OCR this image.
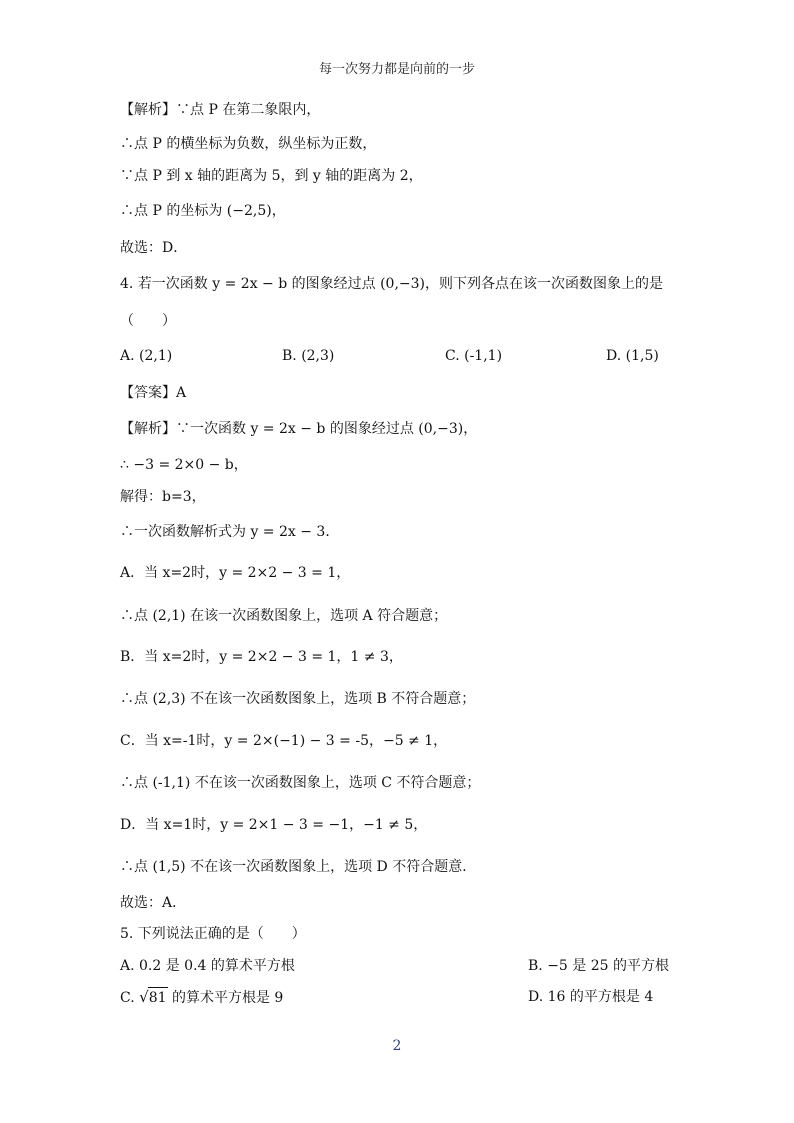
每一次努力都是向前的一步
【解析】∵点 P 在第二象限内，
∴点 P 的横坐标为负数，纵坐标为正数，
∵点 P 到 x 轴的距离为 5，到 y 轴的距离为 2，
∴点 P 的坐标为 (−2,5)，
故选：D．
4. 若一次函数 y = 2x − b 的图象经过点 (0,−3)，则下列各点在该一次函数图象上的是
（　　）
A. (2,1)	B. (2,3)	C. (-1,1)	D. (1,5)
【答案】A
【解析】∵一次函数 y = 2x − b 的图象经过点 (0,−3)，
∴ −3 = 2×0 − b，
解得：b=3，
∴一次函数解析式为 y = 2x − 3．
A．当 x=2时，y = 2×2 − 3 = 1，
∴点 (2,1) 在该一次函数图象上，选项 A 符合题意；
B．当 x=2时，y = 2×2 − 3 = 1，1 ≠ 3，
∴点 (2,3) 不在该一次函数图象上，选项 B 不符合题意；
C．当 x=-1时，y = 2×(−1) − 3 = -5，−5 ≠ 1，
∴点 (-1,1) 不在该一次函数图象上，选项 C 不符合题意；
D．当 x=1时，y = 2×1 − 3 = −1，−1 ≠ 5，
∴点 (1,5) 不在该一次函数图象上，选项 D 不符合题意．
故选：A．
5. 下列说法正确的是（　　）
A. 0.2 是 0.4 的算术平方根	B. −5 是 25 的平方根
C. √81 的算术平方根是 9	D. 16 的平方根是 4
2
